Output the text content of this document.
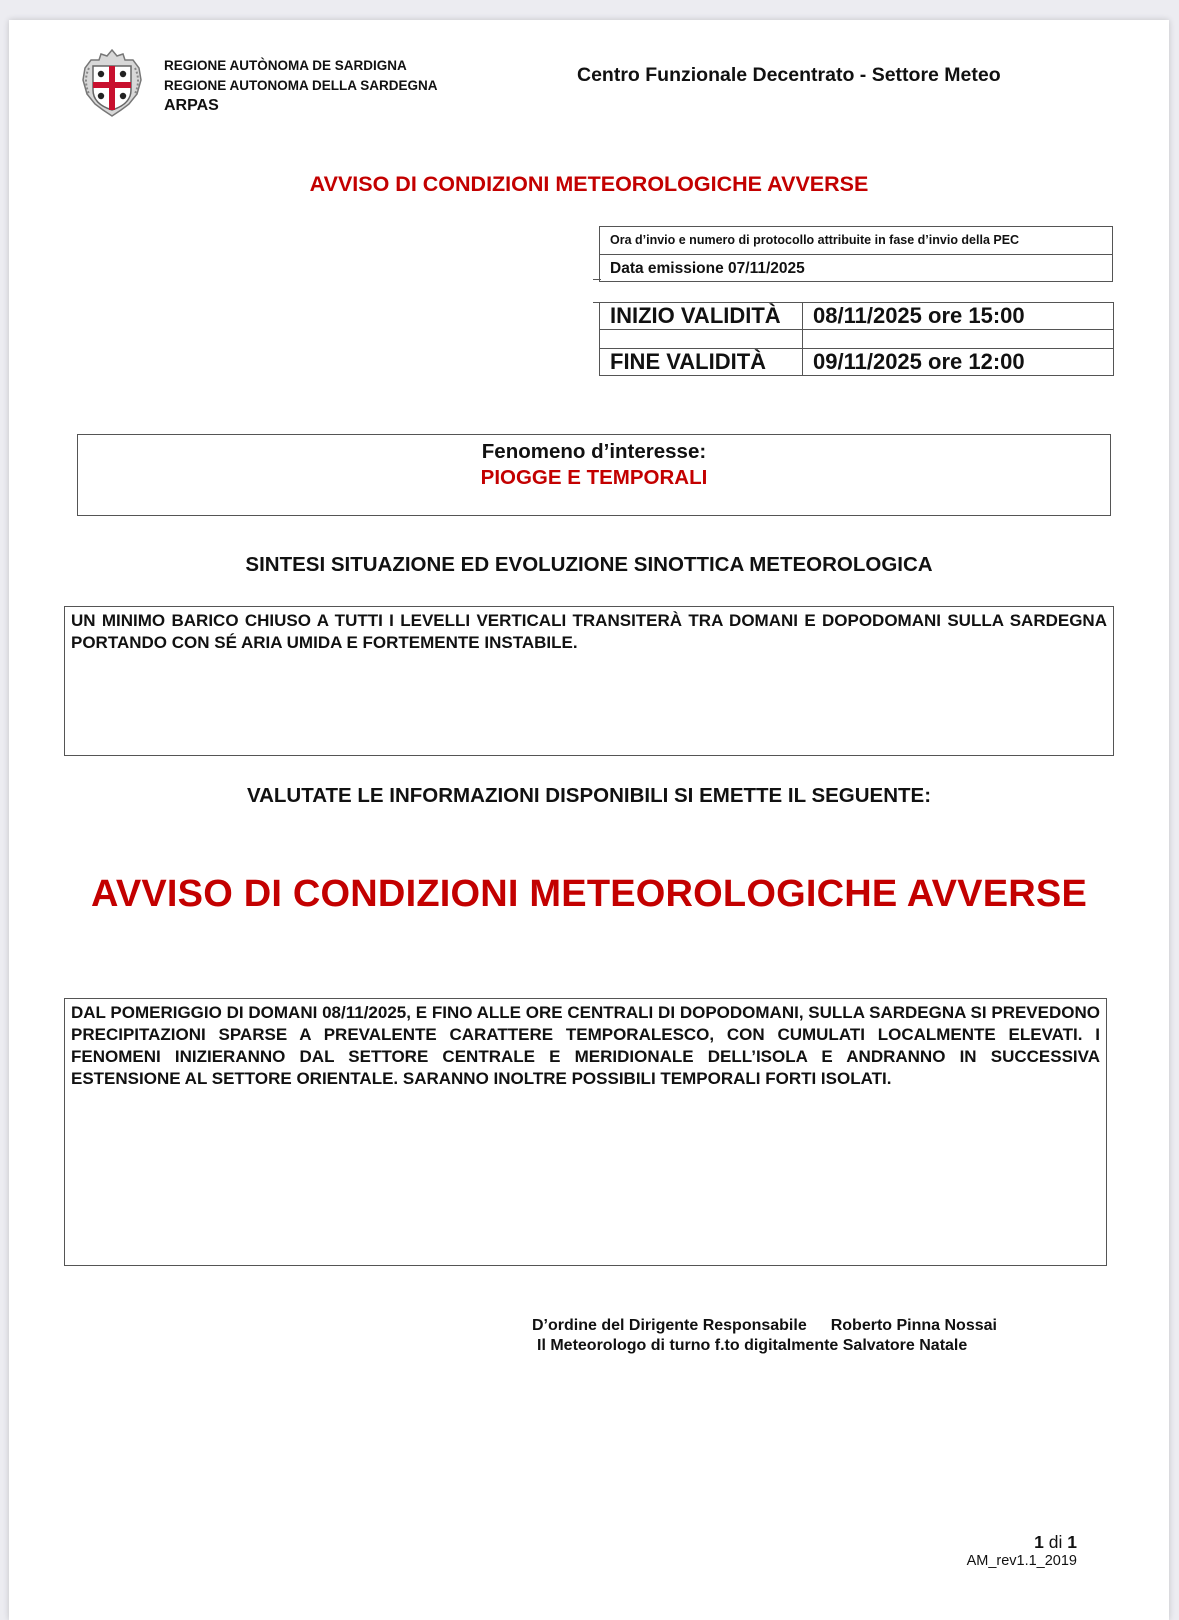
REGIONE AUTÒNOMA DE SARDIGNA
REGIONE AUTONOMA DELLA SARDEGNA
ARPAS
Centro Funzionale Decentrato - Settore Meteo
AVVISO DI CONDIZIONI METEOROLOGICHE AVVERSE
Ora d’invio e numero di protocollo attribuite in fase d’invio della PEC
Data emissione 07/11/2025
INIZIO VALIDITÀ	08/11/2025 ore 15:00

FINE VALIDITÀ	09/11/2025 ore 12:00
Fenomeno d’interesse:
PIOGGE E TEMPORALI
SINTESI SITUAZIONE ED EVOLUZIONE SINOTTICA METEOROLOGICA
UN MINIMO BARICO CHIUSO A TUTTI I LEVELLI VERTICALI TRANSITERÀ TRA DOMANI E DOPODOMANI SULLA SARDEGNA PORTANDO CON SÉ ARIA UMIDA E FORTEMENTE INSTABILE.
VALUTATE LE INFORMAZIONI DISPONIBILI SI EMETTE IL SEGUENTE:
AVVISO DI CONDIZIONI METEOROLOGICHE AVVERSE
DAL POMERIGGIO DI DOMANI 08/11/2025, E FINO ALLE ORE CENTRALI DI DOPODOMANI, SULLA SARDEGNA SI PREVEDONO PRECIPITAZIONI SPARSE A PREVALENTE CARATTERE TEMPORALESCO, CON CUMULATI LOCALMENTE ELEVATI. I FENOMENI INIZIERANNO DAL SETTORE CENTRALE E MERIDIONALE DELL’ISOLA E ANDRANNO IN SUCCESSIVA ESTENSIONE AL SETTORE ORIENTALE. SARANNO INOLTRE POSSIBILI TEMPORALI FORTI ISOLATI.
D’ordine del Dirigente Responsabile Roberto Pinna Nossai
Il Meteorologo di turno f.to digitalmente Salvatore Natale
1 di 1
AM_rev1.1_2019
